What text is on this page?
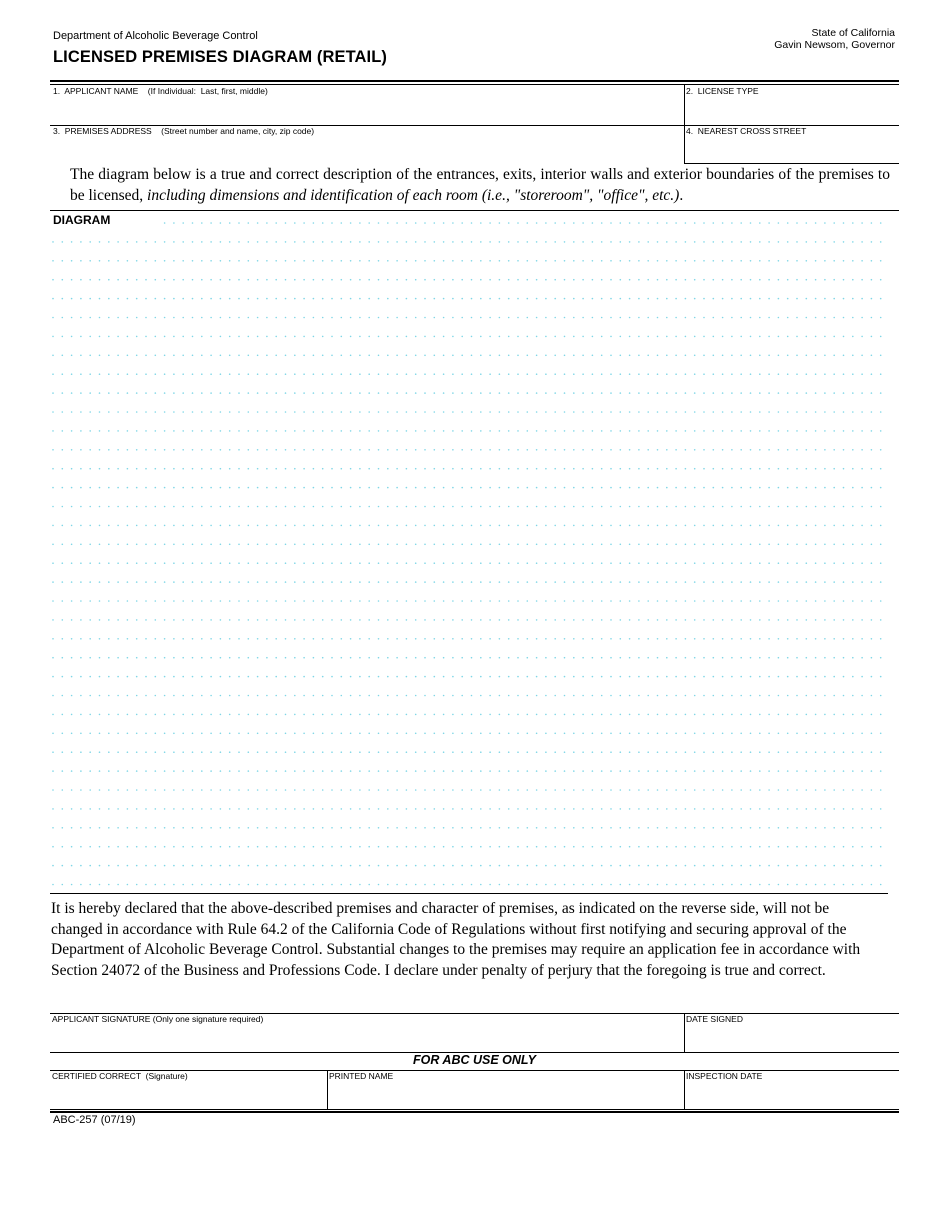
Department of Alcoholic Beverage Control
LICENSED PREMISES DIAGRAM (RETAIL)
State of California
Gavin Newsom, Governor
1.  APPLICANT NAME    (If Individual:  Last, first, middle)	2.  LICENSE TYPE
3.  PREMISES ADDRESS    (Street number and name, city, zip code)	4.  NEAREST CROSS STREET
The diagram below is a true and correct description of the entrances, exits, interior walls and exterior boundaries of the premises to be licensed, including dimensions and identification of each room (i.e., "storeroom", "office", etc.).
DIAGRAM
It is hereby declared that the above-described premises and character of premises, as indicated on the reverse side, will not be changed in accordance with Rule 64.2 of the California Code of Regulations without first notifying and securing approval of the Department of Alcoholic Beverage Control. Substantial changes to the premises may require an application fee in accordance with Section 24072 of the Business and Professions Code. I declare under penalty of perjury that the foregoing is true and correct.
APPLICANT SIGNATURE (Only one signature required)	DATE SIGNED
FOR ABC USE ONLY
CERTIFIED CORRECT  (Signature)	PRINTED NAME	INSPECTION DATE
ABC-257 (07/19)
